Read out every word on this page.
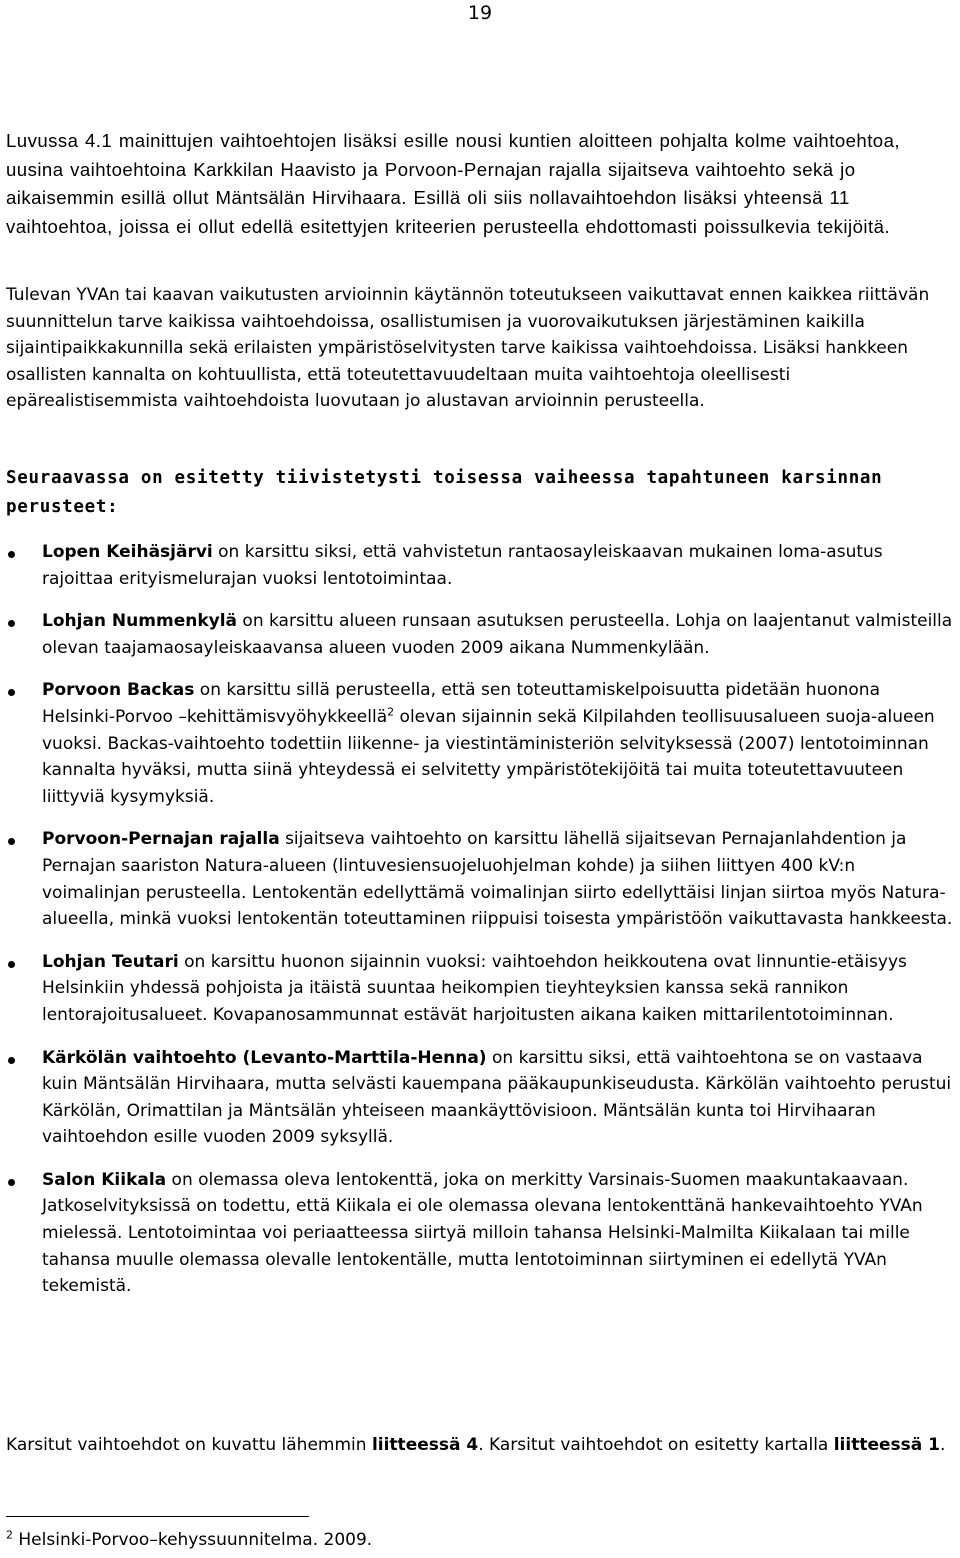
19

Luvussa 4.1 mainittujen vaihtoehtojen lisäksi esille nousi kuntien aloitteen pohjalta kolme vaihtoehtoa, uusina vaihtoehtoina Karkkilan Haavisto ja Porvoon-Pernajan rajalla sijaitseva vaihtoehto sekä jo aikaisemmin esillä ollut Mäntsälän Hirvihaara. Esillä oli siis nollavaihtoehdon lisäksi yhteensä 11 vaihtoehtoa, joissa ei ollut edellä esitettyjen kriteerien perusteella ehdottomasti poissulkevia tekijöitä.

Tulevan YVAn tai kaavan vaikutusten arvioinnin käytännön toteutukseen vaikuttavat ennen kaikkea riittävän suunnittelun tarve kaikissa vaihtoehdoissa, osallistumisen ja vuorovaikutuksen järjestäminen kaikilla sijaintipaikkakunnilla sekä erilaisten ympäristöselvitysten tarve kaikissa vaihtoehdoissa. Lisäksi hankkeen osallisten kannalta on kohtuullista, että toteutettavuudeltaan muita vaihtoehtoja oleellisesti epärealistisemmista vaihtoehdoista luovutaan jo alustavan arvioinnin perusteella.

Seuraavassa on esitetty tiivistetysti toisessa vaiheessa tapahtuneen karsinnan perusteet:

Lopen Keihäsjärvi on karsittu siksi, että vahvistetun rantaosayleiskaavan mukainen loma-asutus rajoittaa erityismelurajan vuoksi lentotoimintaa.
Lohjan Nummenkylä on karsittu alueen runsaan asutuksen perusteella. Lohja on laajentanut valmisteilla olevan taajamaosayleiskaavansa alueen vuoden 2009 aikana Nummenkylään.
Porvoon Backas on karsittu sillä perusteella, että sen toteuttamiskelpoisuutta pidetään huonona Helsinki-Porvoo –kehittämisvyöhykkeellä$^2$ olevan sijainnin sekä Kilpilahden teollisuusalueen suoja-alueen vuoksi. Backas-vaihtoehto todettiin liikenne- ja viestintäministeriön selvityksessä (2007) lentotoiminnan kannalta hyväksi, mutta siinä yhteydessä ei selvitetty ympäristötekijöitä tai muita toteutettavuuteen liittyviä kysymyksiä.
Porvoon-Pernajan rajalla sijaitseva vaihtoehto on karsittu lähellä sijaitsevan Pernajanlahdention ja Pernajan saariston Natura-alueen (lintuvesiensuojeluohjelman kohde) ja siihen liittyen 400 kV:n voimalinjan perusteella. Lentokentän edellyttämä voimalinjan siirto edellyttäisi linjan siirtoa myös Natura-alueella, minkä vuoksi lentokentän toteuttaminen riippuisi toisesta ympäristöön vaikuttavasta hankkeesta.
Lohjan Teutari on karsittu huonon sijainnin vuoksi: vaihtoehdon heikkoutena ovat linnuntie-etäisyys Helsinkiin yhdessä pohjoista ja itäistä suuntaa heikompien tieyhteyksien kanssa sekä rannikon lentorajoitusalueet. Kovapanosammunnat estävät harjoitusten aikana kaiken mittarilentotoiminnan.
Kärkölän vaihtoehto (Levanto-Marttila-Henna) on karsittu siksi, että vaihtoehtona se on vastaava kuin Mäntsälän Hirvihaara, mutta selvästi kauempana pääkaupunkiseudusta. Kärkölän vaihtoehto perustui Kärkölän, Orimattilan ja Mäntsälän yhteiseen maankäyttövisioon. Mäntsälän kunta toi Hirvihaaran vaihtoehdon esille vuoden 2009 syksyllä.
Salon Kiikala on olemassa oleva lentokenttä, joka on merkitty Varsinais-Suomen maakuntakaavaan. Jatkoselvityksissä on todettu, että Kiikala ei ole olemassa olevana lentokenttänä hankevaihtoehto YVAn mielessä. Lentotoimintaa voi periaatteessa siirtyä milloin tahansa Helsinki-Malmilta Kiikalaan tai mille tahansa muulle olemassa olevalle lentokentälle, mutta lentotoiminnan siirtyminen ei edellytä YVAn tekemistä.

Karsitut vaihtoehdot on kuvattu lähemmin liitteessä 4. Karsitut vaihtoehdot on esitetty kartalla liitteessä 1.

$^2$ Helsinki-Porvoo–kehyssuunnitelma. 2009.
